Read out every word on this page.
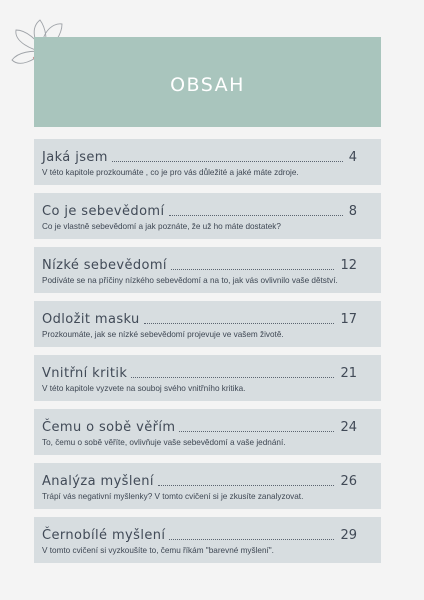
OBSAH
Jaká jsem	4
V této kapitole prozkoumáte , co je pro vás důležité a jaké máte zdroje.
Co je sebevědomí	8
Co je vlastně sebevědomí a jak poznáte, že už ho máte dostatek?
Nízké sebevědomí	12
Podíváte se na příčiny nízkého sebevědomí a na to, jak vás ovlivnilo vaše dětství.
Odložit masku	17
Prozkoumáte, jak se nízké sebevědomí projevuje ve vašem životě.
Vnitřní kritik	21
V této kapitole vyzvete na souboj svého vnitřního kritika.
Čemu o sobě věřím	24
To, čemu o sobě věříte, ovlivňuje vaše sebevědomí a vaše jednání.
Analýza myšlení	26
Trápí vás negativní myšlenky? V tomto cvičení si je zkusíte zanalyzovat.
Černobílé myšlení	29
V tomto cvičení si vyzkoušíte to, čemu říkám "barevné myšlení".
